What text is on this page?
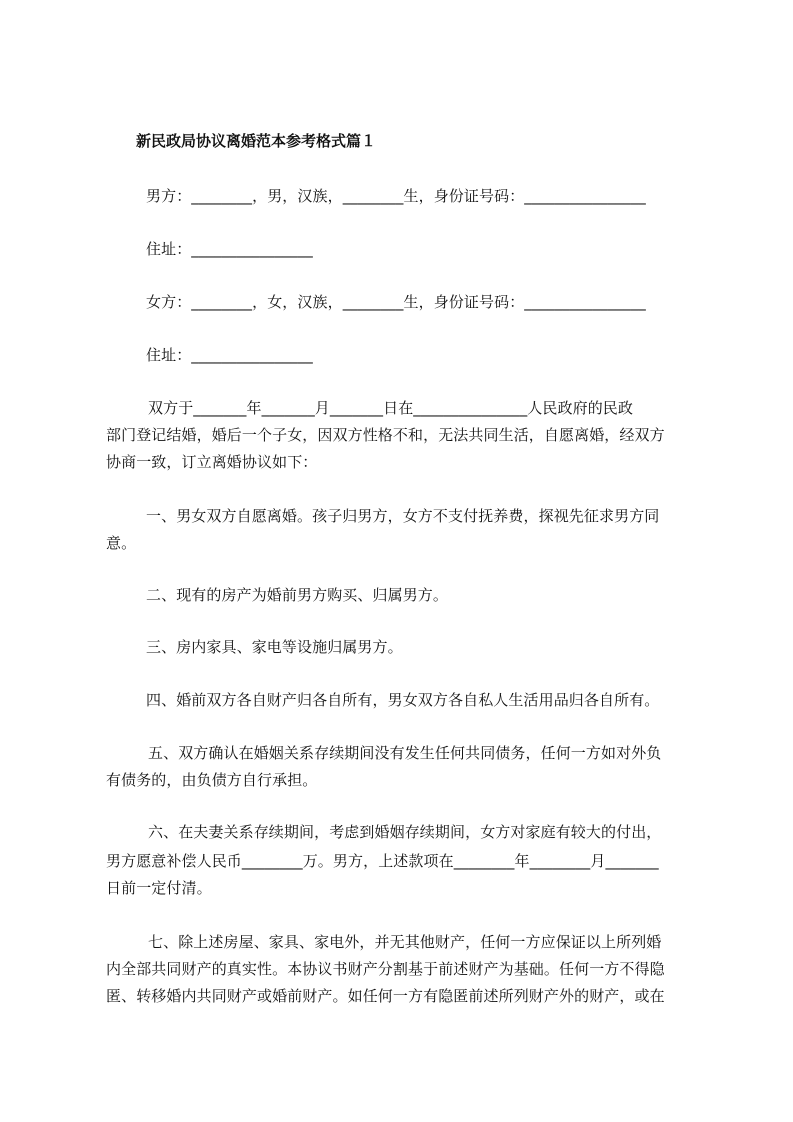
新民政局协议离婚范本参考格式篇１
男方：________，男，汉族，________生，身份证号码：________________
住址：________________
女方：________，女，汉族，________生，身份证号码：________________
住址：________________
双方于_______年_______月_______日在_______________人民政府的民政
部门登记结婚，婚后一个子女，因双方性格不和，无法共同生活，自愿离婚，经双方
协商一致，订立离婚协议如下：
一、男女双方自愿离婚。孩子归男方，女方不支付抚养费，探视先征求男方同
意。
二、现有的房产为婚前男方购买、归属男方。
三、房内家具、家电等设施归属男方。
四、婚前双方各自财产归各自所有，男女双方各自私人生活用品归各自所有。
五、双方确认在婚姻关系存续期间没有发生任何共同债务，任何一方如对外负
有债务的，由负债方自行承担。
六、在夫妻关系存续期间，考虑到婚姻存续期间，女方对家庭有较大的付出，
男方愿意补偿人民币________万。男方，上述款项在________年________月_______
日前一定付清。
七、除上述房屋、家具、家电外，并无其他财产，任何一方应保证以上所列婚
内全部共同财产的真实性。本协议书财产分割基于前述财产为基础。任何一方不得隐
匿、转移婚内共同财产或婚前财产。如任何一方有隐匿前述所列财产外的财产，或在
